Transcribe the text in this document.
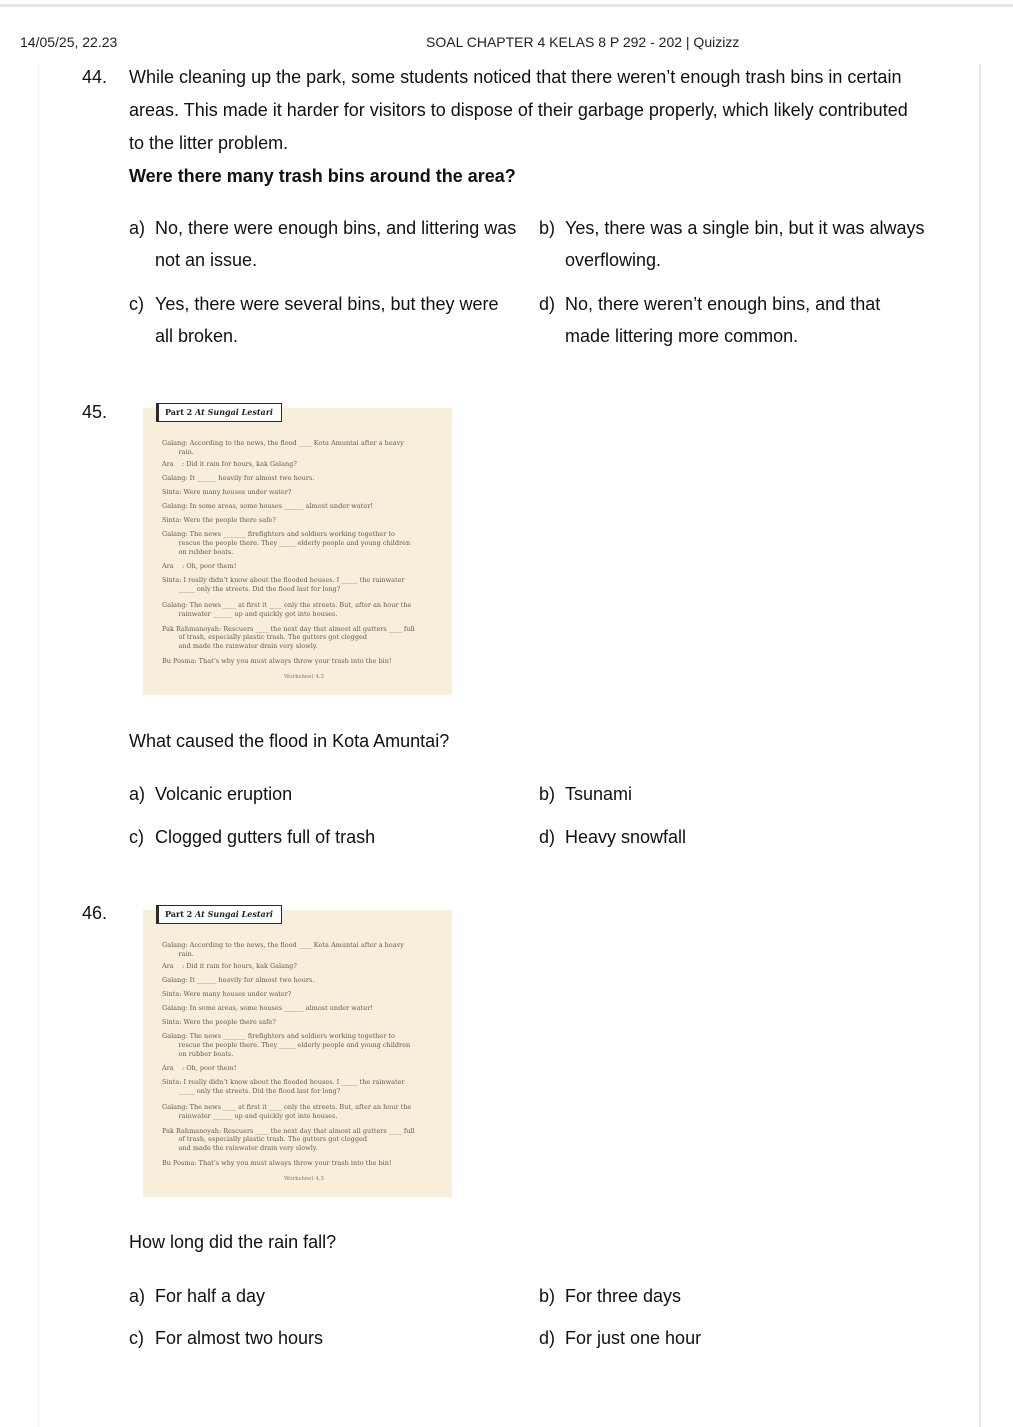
14/05/25, 22.23	SOAL CHAPTER 4 KELAS 8 P 292 - 202 | Quizizz
44. While cleaning up the park, some students noticed that there weren’t enough trash bins in certain
areas. This made it harder for visitors to dispose of their garbage properly, which likely contributed
to the litter problem.
Were there many trash bins around the area?
a) No, there were enough bins, and littering was
not an issue.
b) Yes, there was a single bin, but it was always
overflowing.
c) Yes, there were several bins, but they were
all broken.
d) No, there weren’t enough bins, and that
made littering more common.
45.	Part 2 At Sungai Lestari
Galang: According to the news, the flood ____ Kota Amuntai after a heavy
rain.
Ara    : Did it rain for hours, kak Galang?
Galang: It ______ heavily for almost two hours.
Sinta: Were many houses under water?
Galang: In some areas, some houses ______ almost under water!
Sinta: Were the people there safe?
Galang: The news _______ firefighters and soldiers working together to
rescue the people there. They _____ elderly people and young children
on rubber boats.
Ara    : Oh, poor them!
Sinta: I really didn’t know about the flooded houses. I _____ the rainwater
_____ only the streets. Did the flood last for long?
Galang: The news ____ at first it ____ only the streets. But, after an hour the
rainwater ______ up and quickly got into houses.
Pak Rahmanoyah: Rescuers ____ the next day that almost all gutters ____ full
of trash, especially plastic trash. The gutters got clogged
and made the rainwater drain very slowly.
Bu Posma: That’s why you must always throw your trash into the bin!
Worksheet 4.5
What caused the flood in Kota Amuntai?
a) Volcanic eruption	b) Tsunami
c) Clogged gutters full of trash	d) Heavy snowfall
46.	Part 2 At Sungai Lestari
Galang: According to the news, the flood ____ Kota Amuntai after a heavy
rain.
Ara    : Did it rain for hours, kak Galang?
Galang: It ______ heavily for almost two hours.
Sinta: Were many houses under water?
Galang: In some areas, some houses ______ almost under water!
Sinta: Were the people there safe?
Galang: The news _______ firefighters and soldiers working together to
rescue the people there. They _____ elderly people and young children
on rubber boats.
Ara    : Oh, poor them!
Sinta: I really didn’t know about the flooded houses. I _____ the rainwater
_____ only the streets. Did the flood last for long?
Galang: The news ____ at first it ____ only the streets. But, after an hour the
rainwater ______ up and quickly got into houses.
Pak Rahmanoyah: Rescuers ____ the next day that almost all gutters ____ full
of trash, especially plastic trash. The gutters got clogged
and made the rainwater drain very slowly.
Bu Posma: That’s why you must always throw your trash into the bin!
Worksheet 4.5
How long did the rain fall?
a) For half a day	b) For three days
c) For almost two hours	d) For just one hour
